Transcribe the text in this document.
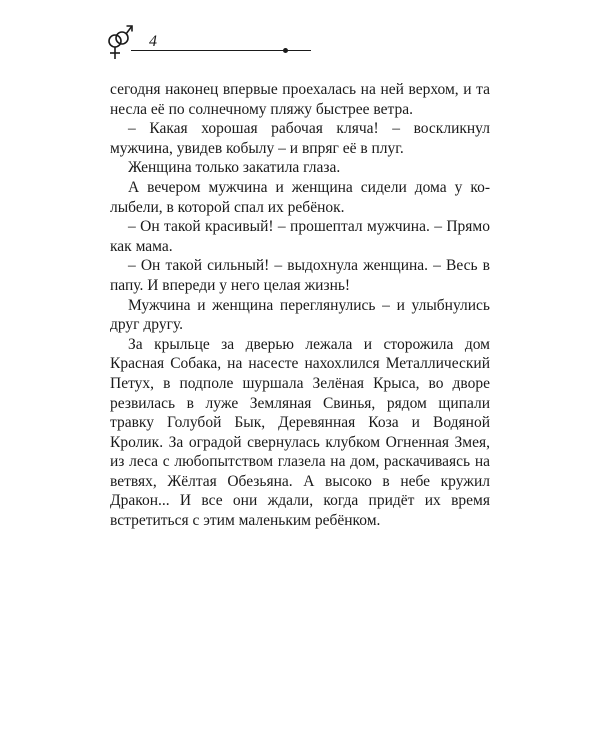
4

сегодня наконец впервые проехалась на ней верхом, и та несла её по солнечному пляжу быстрее ветра.

– Какая хорошая рабочая кляча! – воскликнул мужчина, увидев кобылу – и впряг её в плуг.

Женщина только закатила глаза.

А вечером мужчина и женщина сидели дома у колыбели, в которой спал их ребёнок.

– Он такой красивый! – прошептал мужчина. – Прямо как мама.

– Он такой сильный! – выдохнула женщина. – Весь в папу. И впереди у него целая жизнь!

Мужчина и женщина переглянулись – и улыбнулись друг другу.

За крыльце за дверью лежала и сторожила дом Красная Собака, на насесте нахохлился Металлический Петух, в подполе шуршала Зелёная Крыса, во дворе резвилась в луже Земляная Свинья, рядом щипали травку Голубой Бык, Деревянная Коза и Водяной Кролик. За оградой свернулась клубком Огненная Змея, из леса с любопытством глазела на дом, раскачиваясь на ветвях, Жёлтая Обезьяна. А высоко в небе кружил Дракон... И все они ждали, когда придёт их время встретиться с этим маленьким ребёнком.
